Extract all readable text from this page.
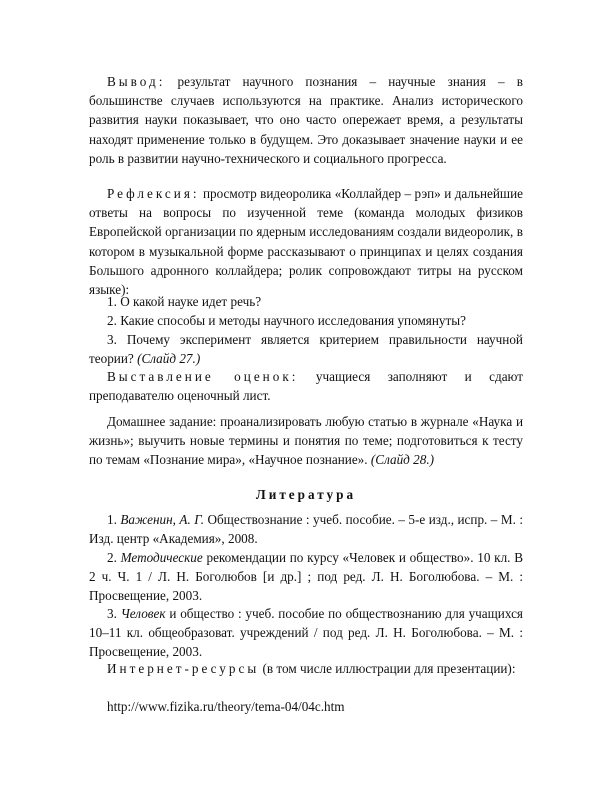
Вывод: результат научного познания – научные знания – в большинстве случаев используются на практике. Анализ исторического развития науки показывает, что оно часто опережает время, а результаты находят применение только в будущем. Это доказывает значение науки и ее роль в развитии научно-технического и социального прогресса.

Рефлексия: просмотр видеоролика «Коллайдер – рэп» и дальнейшие ответы на вопросы по изученной теме (команда молодых физиков Европейской организации по ядерным исследованиям создали видеоролик, в котором в музыкальной форме рассказывают о принципах и целях создания Большого адронного коллайдера; ролик сопровождают титры на русском языке):

1. О какой науке идет речь?

2. Какие способы и методы научного исследования упомянуты?

3. Почему эксперимент является критерием правильности научной теории? (Слайд 27.)

Выставление оценок: учащиеся заполняют и сдают преподавателю оценочный лист.

Домашнее задание: проанализировать любую статью в журнале «Наука и жизнь»; выучить новые термины и понятия по теме; подготовиться к тесту по темам «Познание мира», «Научное познание». (Слайд 28.)

Литература

1. Важенин, А. Г. Обществознание : учеб. пособие. – 5-е изд., испр. – М. : Изд. центр «Академия», 2008.

2. Методические рекомендации по курсу «Человек и общество». 10 кл. В 2 ч. Ч. 1 / Л. Н. Боголюбов [и др.] ; под ред. Л. Н. Боголюбова. – М. : Просвещение, 2003.

3. Человек и общество : учеб. пособие по обществознанию для учащихся 10–11 кл. общеобразоват. учреждений / под ред. Л. Н. Боголюбова. – М. : Просвещение, 2003.

Интернет-ресурсы (в том числе иллюстрации для презентации):

http://www.fizika.ru/theory/tema-04/04c.htm
